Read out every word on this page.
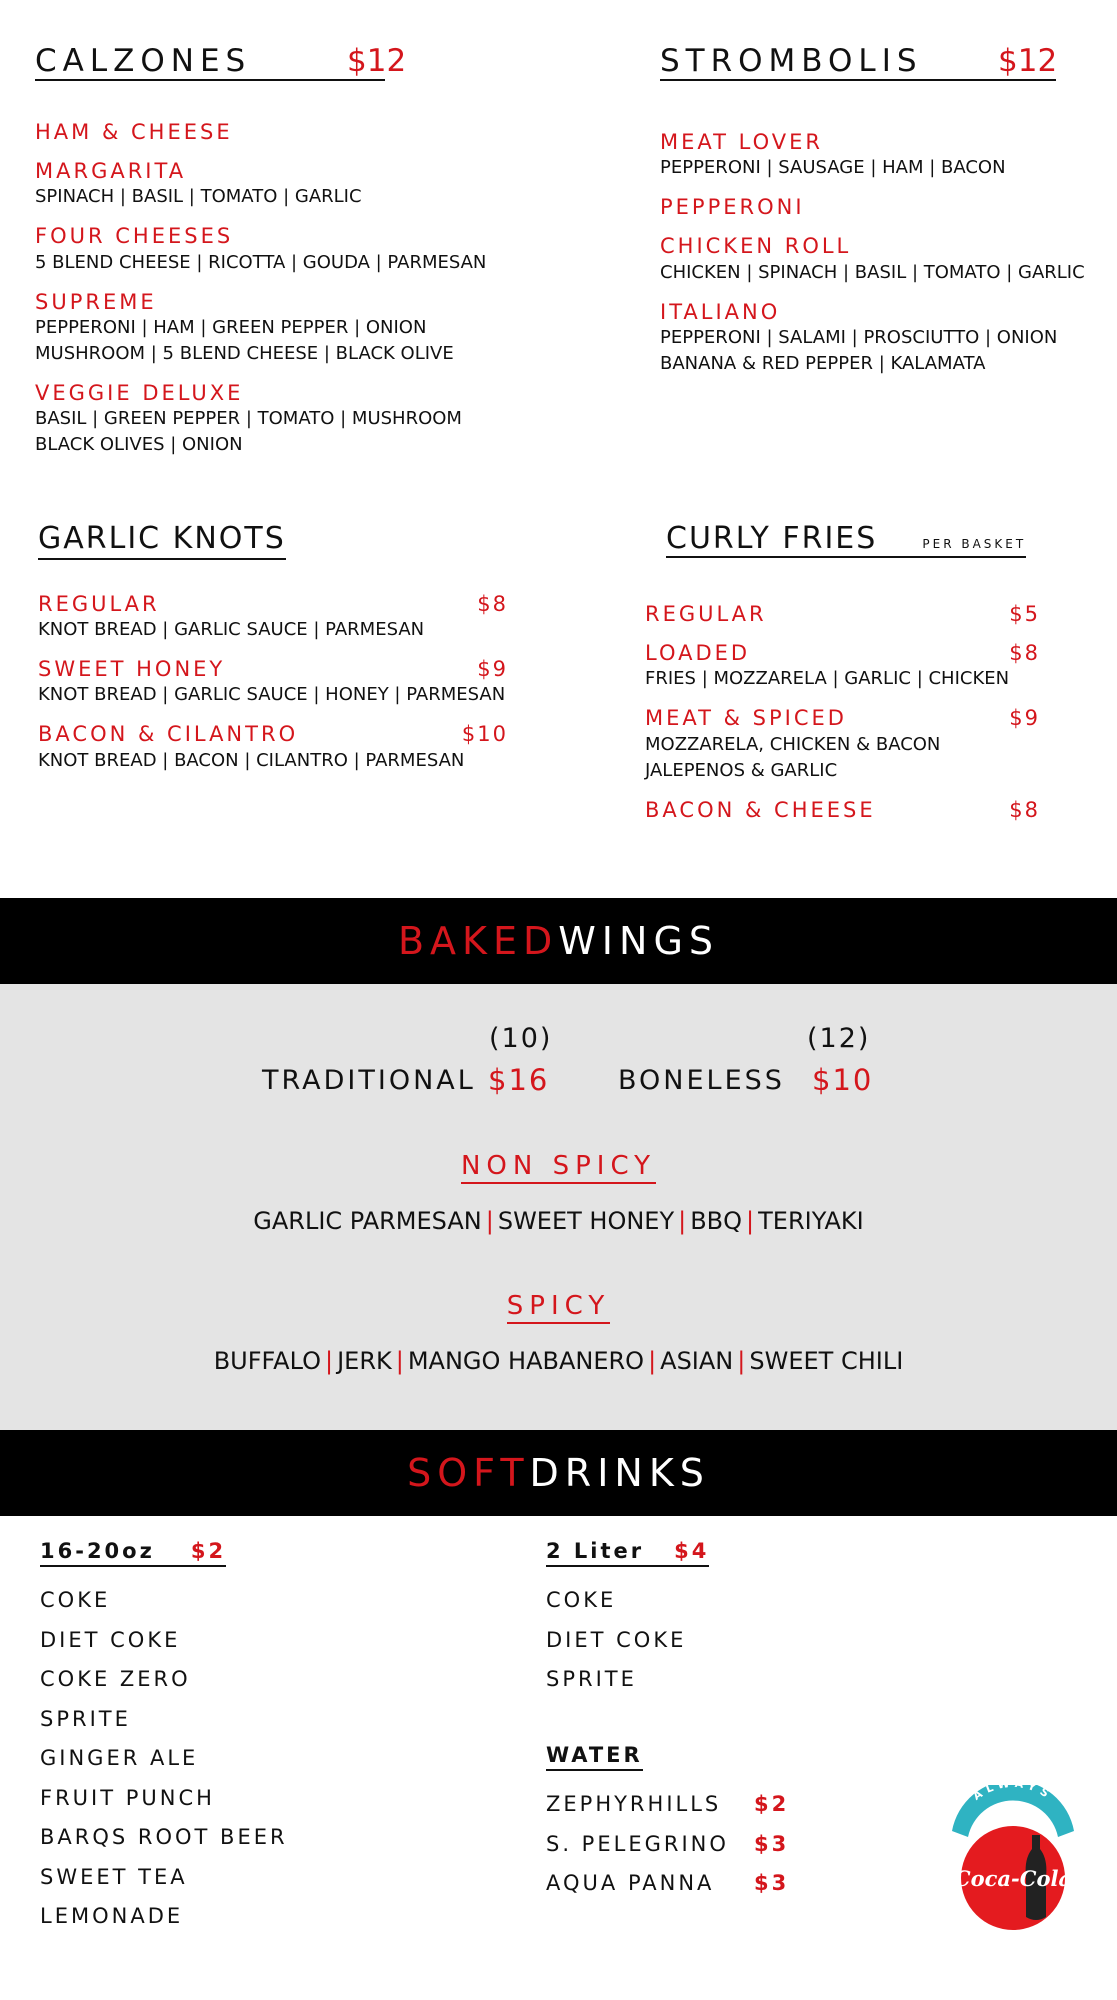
CALZONES	$12
HAM & CHEESE
MARGARITA
SPINACH | BASIL | TOMATO | GARLIC
FOUR CHEESES
5 BLEND CHEESE | RICOTTA | GOUDA | PARMESAN
SUPREME
PEPPERONI | HAM | GREEN PEPPER | ONION
MUSHROOM | 5 BLEND CHEESE | BLACK OLIVE
VEGGIE DELUXE
BASIL | GREEN PEPPER | TOMATO | MUSHROOM
BLACK OLIVES | ONION
STROMBOLIS	$12
MEAT LOVER
PEPPERONI | SAUSAGE | HAM | BACON
PEPPERONI
CHICKEN ROLL
CHICKEN | SPINACH | BASIL | TOMATO | GARLIC
ITALIANO
PEPPERONI | SALAMI | PROSCIUTTO | ONION
BANANA & RED PEPPER | KALAMATA
GARLIC KNOTS
REGULAR	$8
KNOT BREAD | GARLIC SAUCE | PARMESAN
SWEET HONEY	$9
KNOT BREAD | GARLIC SAUCE | HONEY | PARMESAN
BACON & CILANTRO	$10
KNOT BREAD | BACON | CILANTRO | PARMESAN
CURLY FRIES	PER BASKET
REGULAR	$5
LOADED	$8
FRIES | MOZZARELA | GARLIC | CHICKEN
MEAT & SPICED	$9
MOZZARELA, CHICKEN & BACON
JALEPENOS & GARLIC
BACON & CHEESE	$8
BAKEDWINGS
(10)
TRADITIONAL $16
(12)
BONELESS $10
NON SPICY
GARLIC PARMESAN | SWEET HONEY | BBQ | TERIYAKI
SPICY
BUFFALO | JERK | MANGO HABANERO | ASIAN | SWEET CHILI
SOFTDRINKS
16-20oz $2
COKE
DIET COKE
COKE ZERO
SPRITE
GINGER ALE
FRUIT PUNCH
BARQS ROOT BEER
SWEET TEA
LEMONADE
2 Liter $4
COKE
DIET COKE
SPRITE
WATER
ZEPHYRHILLS	$2
S. PELEGRINO	$3
AQUA PANNA	$3
AL YS
Coca-Cola
